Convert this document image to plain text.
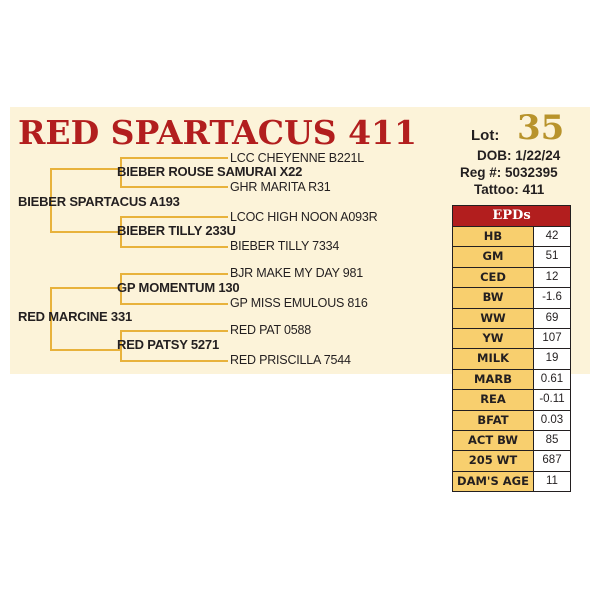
RED SPARTACUS 411	Lot: 35
DOB: 1/22/24
Reg #: 5032395
Tattoo: 411
LCC CHEYENNE B221L
BIEBER ROUSE SAMURAI X22
GHR MARITA R31
BIEBER SPARTACUS A193
LCOC HIGH NOON A093R
BIEBER TILLY 233U
BIEBER TILLY 7334
BJR MAKE MY DAY 981
GP MOMENTUM 130
GP MISS EMULOUS 816
RED MARCINE 331
RED PAT 0588
RED PATSY 5271
RED PRISCILLA 7544
EPDs
HB	42
GM	51
CED	12
BW	-1.6
WW	69
YW	107
MILK	19
MARB	0.61
REA	-0.11
BFAT	0.03
ACT BW	85
205 WT	687
DAM'S AGE	11
